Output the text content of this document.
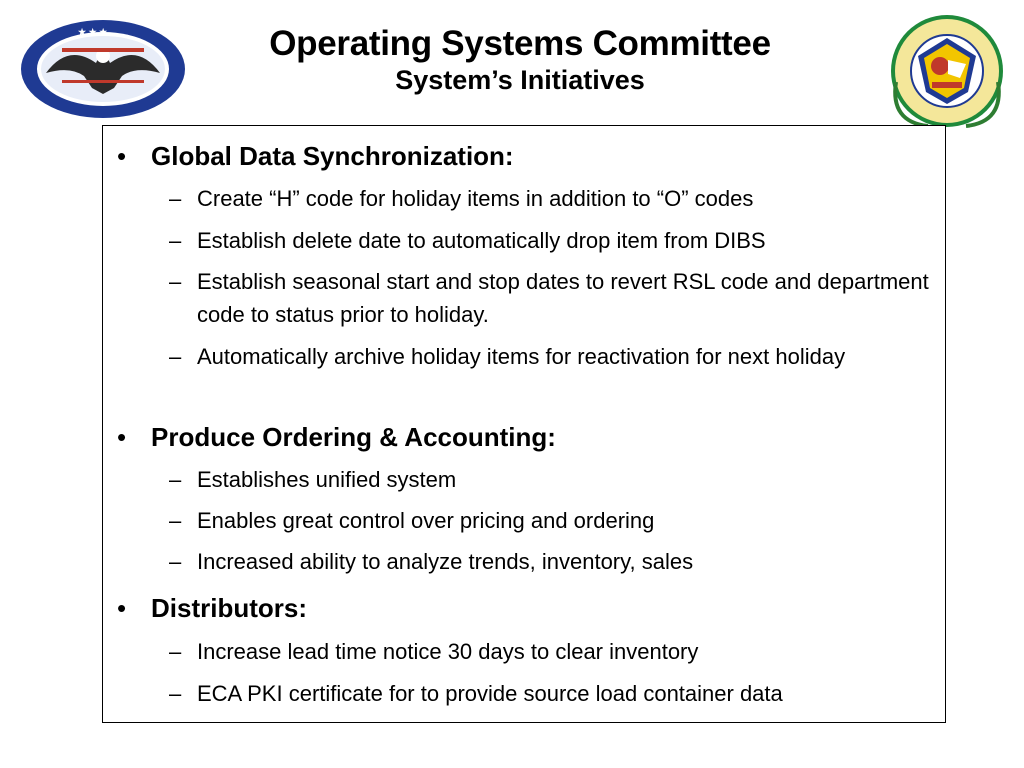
★ ★ ★	Operating Systems Committee
System’s Initiatives
• Global Data Synchronization:
– Create “H” code for holiday items in addition to “O” codes
– Establish delete date to automatically drop item from DIBS
– Establish seasonal start and stop dates to revert RSL code and department code to status prior to holiday.
– Automatically archive holiday items for reactivation for next holiday
• Produce Ordering & Accounting:
– Establishes unified system
– Enables great control over pricing and ordering
– Increased ability to analyze trends, inventory, sales
• Distributors:
– Increase lead time notice 30 days to clear inventory
– ECA PKI certificate for to provide source load container data
